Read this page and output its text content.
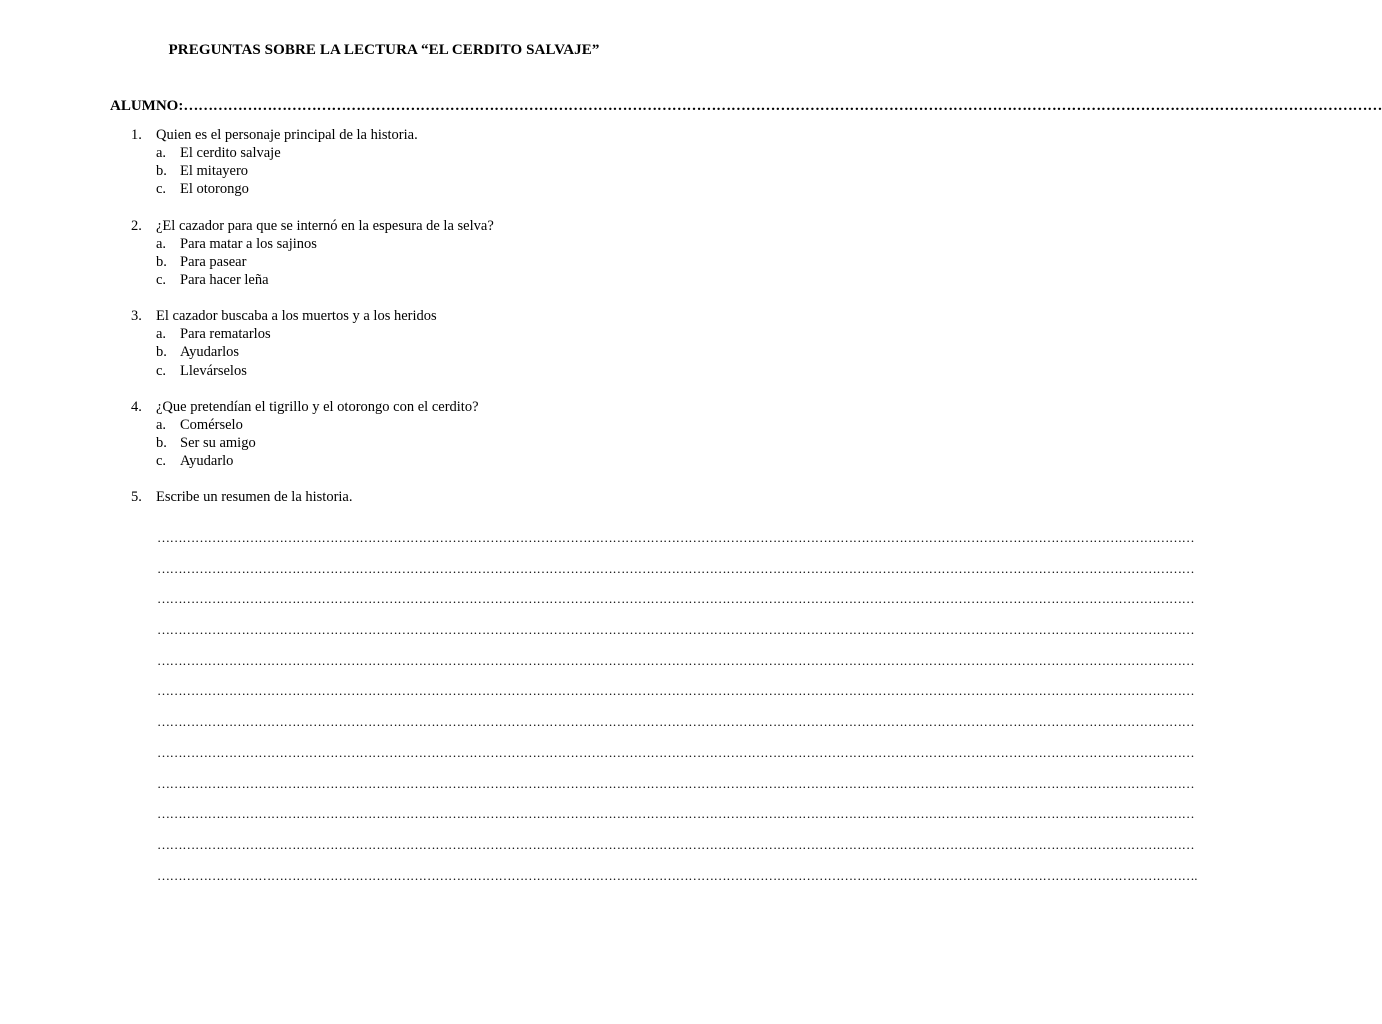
PREGUNTAS SOBRE LA LECTURA “EL CERDITO SALVAJE”
ALUMNO:………………………………………………………………………………………………………………………………………………………………………………………………………………………
1. Quien es el personaje principal de la historia.
a. El cerdito salvaje
b. El mitayero
c. El otorongo
2. ¿El cazador para que se internó en la espesura de la selva?
a. Para matar a los sajinos
b. Para pasear
c. Para hacer leña
3. El cazador buscaba a los muertos y a los heridos
a. Para rematarlos
b. Ayudarlos
c. Llevárselos
4. ¿Que pretendían el tigrillo y el otorongo con el cerdito?
a. Comérselo
b. Ser su amigo
c. Ayudarlo
5. Escribe un resumen de la historia.
…………………………………………………………………………………………………………………………………………………………………………………………………………………………
…………………………………………………………………………………………………………………………………………………………………………………………………………………………
…………………………………………………………………………………………………………………………………………………………………………………………………………………………
…………………………………………………………………………………………………………………………………………………………………………………………………………………………
…………………………………………………………………………………………………………………………………………………………………………………………………………………………
…………………………………………………………………………………………………………………………………………………………………………………………………………………………
…………………………………………………………………………………………………………………………………………………………………………………………………………………………
…………………………………………………………………………………………………………………………………………………………………………………………………………………………
…………………………………………………………………………………………………………………………………………………………………………………………………………………………
…………………………………………………………………………………………………………………………………………………………………………………………………………………………
…………………………………………………………………………………………………………………………………………………………………………………………………………………………
………………………………………………………………………………………………………………………………………………………………………………………………………………………….
